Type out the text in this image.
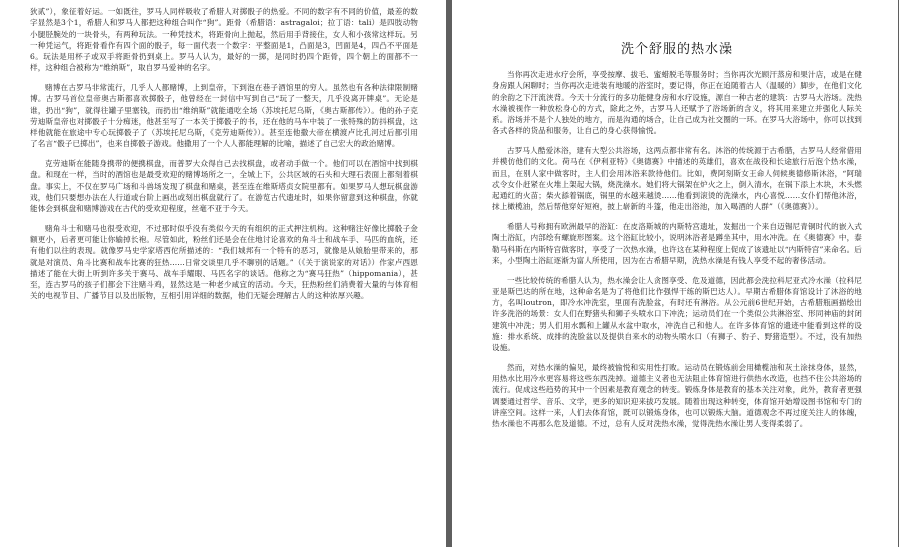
狄贰”），象征着好运。一如既往，罗马人同样吸收了希腊人对掷骰子的热爱。不同的数字有不同的价值，最差的数字显然是3个1，希腊人和罗马人都把这种组合叫作“狗”。距骨（希腊语：astragaloi；拉丁语：tali）是四肢动物小腿胫腕处的一块骨头，有两种玩法。一种凭技术，将距骨向上抛起，然后用手背接住，女人和小孩常这样玩。另一种凭运气，将距骨看作有四个面的骰子，每一面代表一个数字：平整面是1，凸面是3，凹面是4，四凸不平面是6。玩法是用杯子或双手将距骨扔到桌上。罗马人认为，最好的一掷，是同时扔四个距骨，四个朝上的面都不一样，这种组合被称为“维纳斯”，取自罗马爱神的名字。

赌博在古罗马非常流行，几乎人人都赌博，上到皇帝，下到泡在巷子酒馆里的穷人。虽然也有各种法律限制赌博。古罗马首位皇帝奥古斯都喜欢掷骰子，他曾经在一封信中写到自己“玩了一整天，几乎没离开牌桌”。无论是谁，扔出“狗”，就得往罐子里塞钱，而扔出“维纳斯”就能通吃全场（苏埃托尼乌斯，《奥古斯都传》）。他的孙子克劳迪斯皇帝也对掷骰子十分痴迷，他甚至写了一本关于掷骰子的书，还在他的马车中装了一张特殊的防抖棋盘，这样他就能在旅途中专心玩掷骰子了（苏埃托尼乌斯，《克劳迪斯传》）。甚至连他撒大帝在横渡卢比孔河过后都引用了名言“骰子已掷出”，也来自掷骰子游戏。他撒用了一个人人都能理解的比喻，描述了自己宏大的政治赌博。

克劳迪斯在能随身携带的便携棋盘，而普罗大众得自己去找棋盘，或者动手做一个。他们可以在酒馆中找到棋盘。和现在一样，当时的酒馆也是最受欢迎的赌博场所之一，全城上下，公共区域的石头和大理石表面上都刻着棋盘。事实上，不仅在罗马广场和斗兽场发现了棋盘和赌桌，甚至连在维斯塔贞女院里都有。如果罗马人想玩棋盘游戏，他们只要想办法在人行道或台阶上画出或刻出棋盘就行了。在游览古代遗址时，如果你留意到这种棋盘，你就能体会到棋盘和赌博游戏在古代的受欢迎程度，丝毫不亚于今天。

赌角斗士和赌马也很受欢迎，不过那时似乎没有类似今天的有组织的正式押注机构。这种赌注好像比掷骰子金额更小，后者更可能让你输掉长袍。尽管如此，粉丝们还是会在住地讨论喜欢的角斗士和战车手、马匹的血统，还有他们以往的表现。就像罗马史学家塔西佗所描述的：“我们城邦有一个特有的恶习，就像是从娘胎里带来的，那就是对演员、角斗比赛和战车比赛的狂热……日常交谈里几乎不聊别的话题。”（《关于演说家的对话》）作家卢西恩描述了能在大街上听到许多关于赛马、战车手耀眼、马匹名字的谈话。他称之为“赛马狂热”（hippomania），甚至，连古罗马的孩子们都会下注赌斗鸡，显然这是一种老少咸宜的活动。今天，狂热粉丝们消费着大量的与体育相关的电视节目、广播节目以及出版物，互相引用详细的数据，他们无疑会理解古人的这种浓厚兴趣。

洗个舒服的热水澡

当你再次走进水疗会所，享受按摩、拔毛、蜜蜡脱毛等服务时；当你再次光顾汗蒸房和果汁店，或是在健身房跟人闲聊时；当你再次走进装有地暖的浴室时，要记得，你正在追随着古人（温暖的）脚步，在他们文化的余韵之下汗流浃背。今天十分流行的多功能健身房和水疗设施，源自一种古老的建筑：古罗马大浴场。洗热水澡被视作一种放松身心的方式，除此之外，古罗马人还赋予了浴场新的含义，将其用来建立并强化人际关系。浴场并不是个人独处的地方，而是沟通的场合，让自己成为社交圈的一环。在罗马大浴场中，你可以找到各式各样的货品和服务，让自己的身心获得愉悦。

古罗马人酷爱沐浴，建有大型公共浴场，这两点都非常有名。沐浴的传统源于古希腊，古罗马人经常借用并模仿他们的文化。荷马在《伊利亚特》《奥德赛》中描述的英雄们，喜欢在战役和长途旅行后泡个热水澡，而且，在别人家中做客时，主人们会用沐浴来款待他们。比如，费阿刻斯女王命人伺候奥德修斯沐浴，“阿瑞忒令女仆赶紧在火堆上架起大锅，烧洗澡水。她们将大锅架在炉火之上，倒入清水，在锅下添上木块，木头燃起通红的火苗；柴火舔着锅底，锅里的水越来越烫……他看到滚烫的洗澡水，内心喜悦……女仆们帮他沐浴，抹上橄榄油，然后帮他穿好短袍，披上崭新的斗篷，他走出浴池，加入喝酒的人群”（《奥德赛》）。

希腊人号称拥有欧洲最早的浴缸：在皮洛斯城的内斯特宫遗址，发掘出一个来自迈锡尼青铜时代的嵌入式陶土浴缸，内部绘有螺旋形图案。这个浴缸比较小，说明沐浴者是蹲坐其中，用水冲洗。在《奥德赛》中，泰勒马科斯在内斯特宫做客时，享受了一次热水澡，也许这在某种程度上促成了该遗址以“内斯特宫”来命名。后来，小型陶土浴缸逐渐为富人所使用，因为在古希腊早期，洗热水澡是有钱人享受不起的奢侈活动。

一些比较传统的希腊人认为，热水澡会让人贪图享受、危及道德，因此都会洗拉科尼亚式冷水澡（拉科尼亚是斯巴达的所在地，这种命名是为了将他们比作强悍干练的斯巴达人）。早期古希腊体育馆设计了沐浴的地方，名叫loutron，即冷水冲洗室，里面有洗脸盆，有时还有淋浴。从公元前6世纪开始，古希腊瓶画描绘出许多洗浴的场景：女人们在野猪头和狮子头喷水口下冲洗；运动员们在一个类似公共淋浴室、形同神庙的封闭建筑中冲洗；男人们用水瓢和上罐从水盆中取水，冲洗自己和他人。在许多体育馆的遗迹中能看到这样的设施：排水系统、成排的洗脸盆以及提供自来水的动物头喷水口（有狮子、豹子、野猪造型）。不过，没有加热设施。

然而，对热水澡的偏见，最终被愉悦和实用性打败。运动员在锻炼前会用橄榄油和灰土涂抹身体，显然，用热水比用冷水更容易将这些东西洗掉。道德主义者也无法阻止体育馆进行供热水改造，也挡不住公共浴场的流行。促成这些趋势的其中一个因素是教育观念的转变。锻炼身体是教育的基本关注对象，此外，教育者更强调要通过哲学、音乐、文学，更多的知识迎来拔巧发展。随着出现这种转变，体育馆开始增设图书馆和专门的讲座空间。这样一来，人们去体育馆，既可以锻炼身体，也可以锻炼大脑。道德观念不再过度关注人的体魄，热水澡也不再那么危及道德。不过，总有人反对洗热水澡，觉得洗热水澡让男人变得柔弱了。
